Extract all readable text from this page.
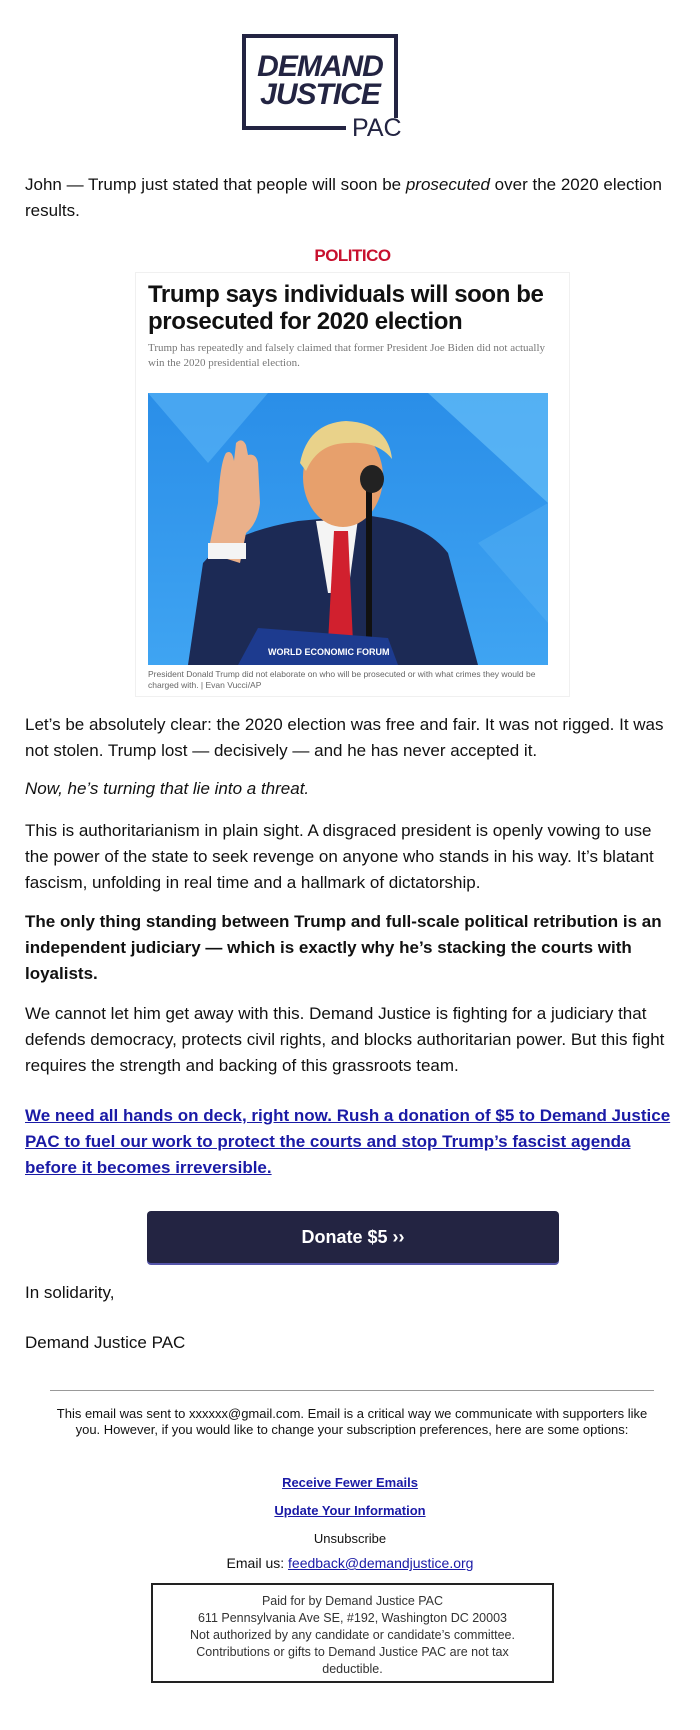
DEMAND
JUSTICE
PAC

John — Trump just stated that people will soon be prosecuted over the 2020 election results.

POLITICO
Trump says individuals will soon be prosecuted for 2020 election
Trump has repeatedly and falsely claimed that former President Joe Biden did not actually win the 2020 presidential election.
WORLD ECONOMIC FORUM
President Donald Trump did not elaborate on who will be prosecuted or with what crimes they would be charged with. | Evan Vucci/AP

Let’s be absolutely clear: the 2020 election was free and fair. It was not rigged. It was not stolen. Trump lost — decisively — and he has never accepted it.

Now, he’s turning that lie into a threat.

This is authoritarianism in plain sight. A disgraced president is openly vowing to use the power of the state to seek revenge on anyone who stands in his way. It’s blatant fascism, unfolding in real time and a hallmark of dictatorship.

The only thing standing between Trump and full-scale political retribution is an independent judiciary — which is exactly why he’s stacking the courts with loyalists.

We cannot let him get away with this. Demand Justice is fighting for a judiciary that defends democracy, protects civil rights, and blocks authoritarian power. But this fight requires the strength and backing of this grassroots team.

We need all hands on deck, right now. Rush a donation of $5 to Demand Justice PAC to fuel our work to protect the courts and stop Trump’s fascist agenda before it becomes irreversible.
Donate $5 ››

In solidarity,

Demand Justice PAC

This email was sent to xxxxxx@gmail.com. Email is a critical way we communicate with supporters like you. However, if you would like to change your subscription preferences, here are some options:
Receive Fewer Emails
Update Your Information
Unsubscribe
Email us: feedback@demandjustice.org
Paid for by Demand Justice PAC
611 Pennsylvania Ave SE, #192, Washington DC 20003
Not authorized by any candidate or candidate’s committee.
Contributions or gifts to Demand Justice PAC are not tax
deductible.
